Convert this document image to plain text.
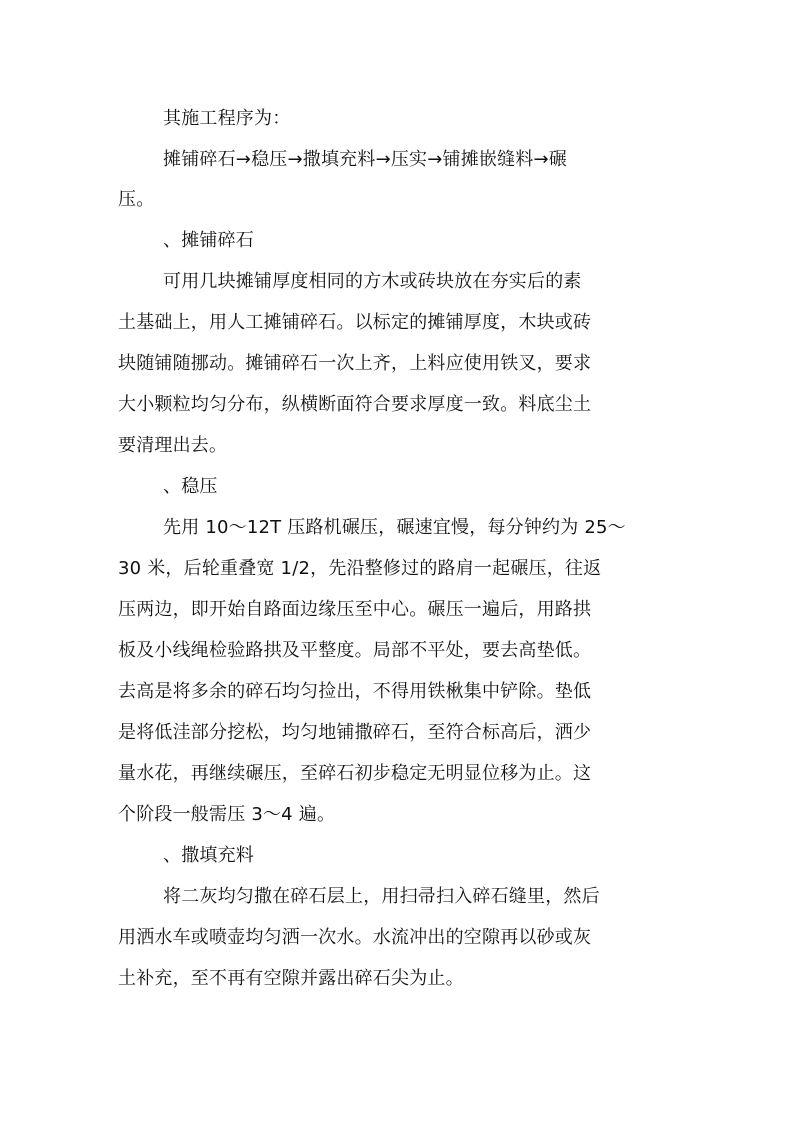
其施工程序为：
摊铺碎石→稳压→撒填充料→压实→铺摊嵌缝料→碾
压。
、摊铺碎石
可用几块摊铺厚度相同的方木或砖块放在夯实后的素
土基础上，用人工摊铺碎石。以标定的摊铺厚度，木块或砖
块随铺随挪动。摊铺碎石一次上齐，上料应使用铁叉，要求
大小颗粒均匀分布，纵横断面符合要求厚度一致。料底尘土
要清理出去。
、稳压
先用 10～12T 压路机碾压，碾速宜慢，每分钟约为 25～
30 米，后轮重叠宽 1/2，先沿整修过的路肩一起碾压，往返
压两边，即开始自路面边缘压至中心。碾压一遍后，用路拱
板及小线绳检验路拱及平整度。局部不平处，要去高垫低。
去高是将多余的碎石均匀捡出，不得用铁楸集中铲除。垫低
是将低洼部分挖松，均匀地铺撒碎石，至符合标高后，洒少
量水花，再继续碾压，至碎石初步稳定无明显位移为止。这
个阶段一般需压 3～4 遍。
、撒填充料
将二灰均匀撒在碎石层上，用扫帚扫入碎石缝里，然后
用洒水车或喷壶均匀洒一次水。水流冲出的空隙再以砂或灰
土补充，至不再有空隙并露出碎石尖为止。
